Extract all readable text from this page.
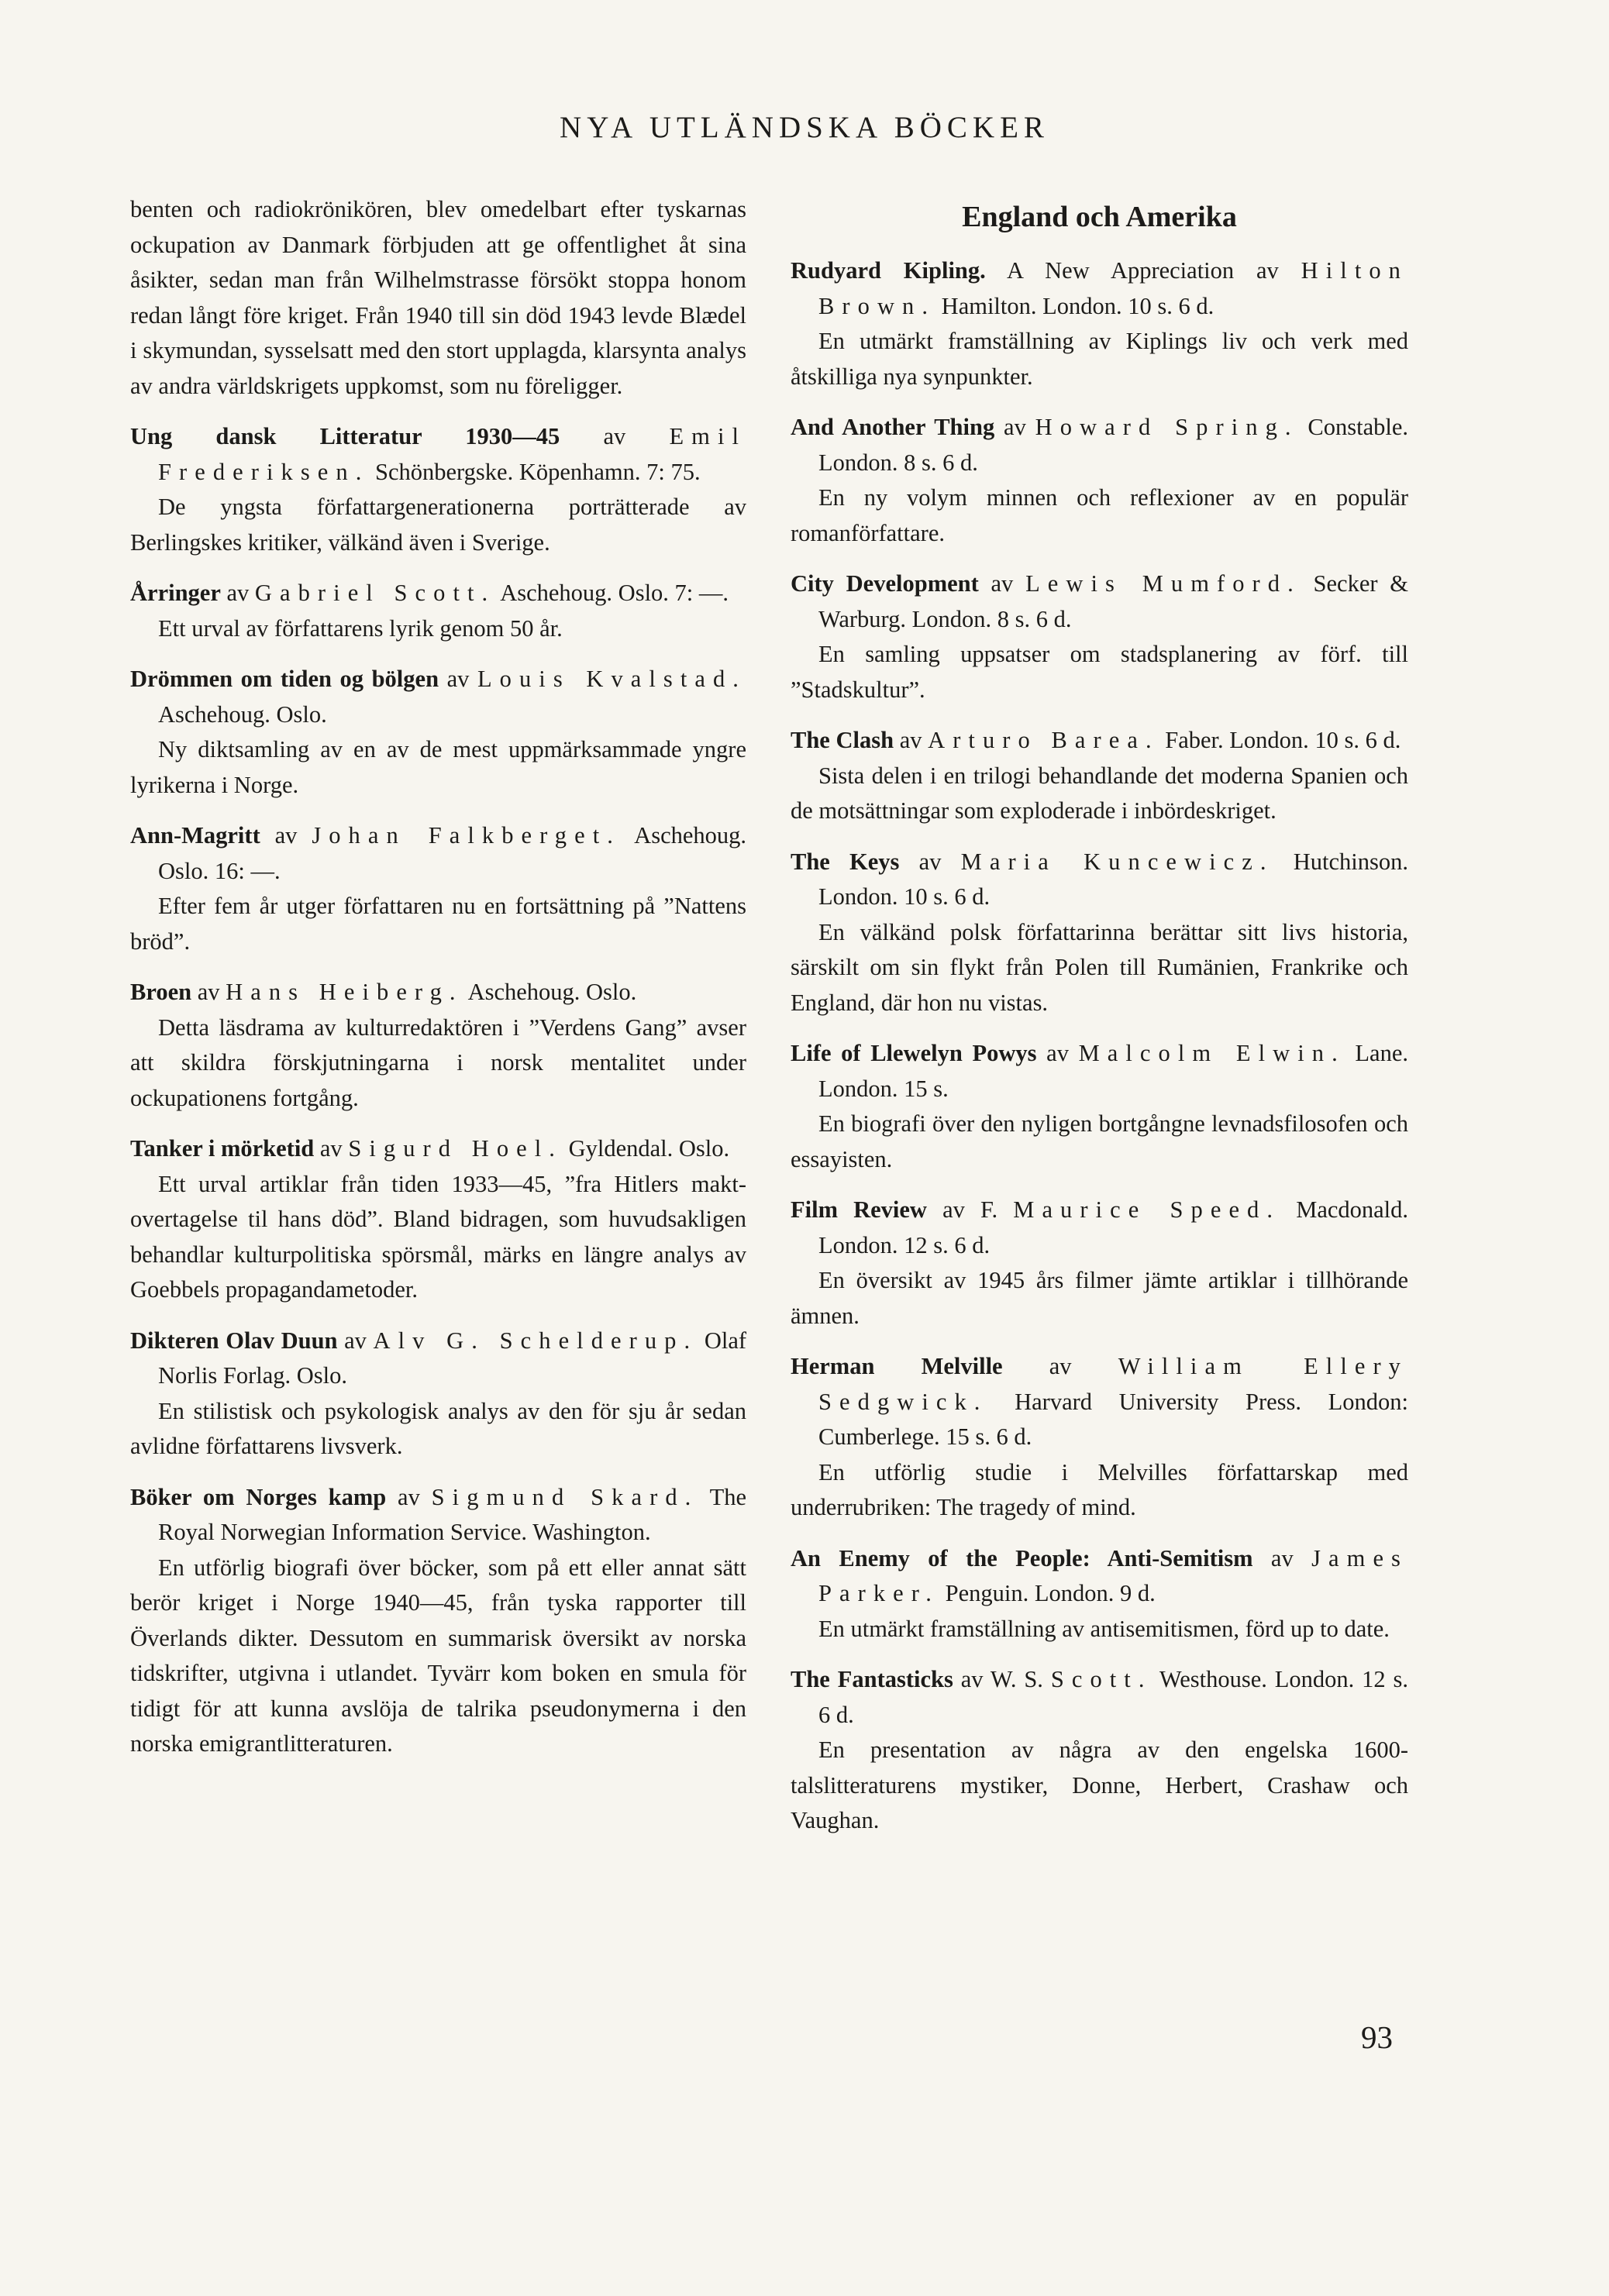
NYA UTLÄNDSKA BÖCKER

benten och radiokrönikören, blev omedelbart efter tyskarnas ockupation av Danmark förbjuden att ge offentlighet åt sina åsikter, sedan man från Wilhelmstrasse försökt stoppa honom redan långt före kriget. Från 1940 till sin död 1943 levde Blædel i skymundan, sysselsatt med den stort upplagda, klarsynta analys av andra världskrigets uppkomst, som nu föreligger.

Ung dansk Litteratur 1930—45 av Emil Frederiksen. Schönbergske. Köpenhamn. 7: 75.

De yngsta författargenerationerna porträtterade av Berlingskes kritiker, välkänd även i Sverige.

Årringer av Gabriel Scott. Aschehoug. Oslo. 7: —.

Ett urval av författarens lyrik genom 50 år.

Drömmen om tiden og bölgen av Louis Kvalstad. Aschehoug. Oslo.

Ny diktsamling av en av de mest uppmärksammade yngre lyrikerna i Norge.

Ann-Magritt av Johan Falkberget. Aschehoug. Oslo. 16: —.

Efter fem år utger författaren nu en fortsättning på ”Nattens bröd”.

Broen av Hans Heiberg. Aschehoug. Oslo.

Detta läsdrama av kulturredaktören i ”Verdens Gang” avser att skildra förskjutningarna i norsk mentalitet under ockupationens fortgång.

Tanker i mörketid av Sigurd Hoel. Gyldendal. Oslo.

Ett urval artiklar från tiden 1933—45, ”fra Hitlers makt-overtagelse til hans död”. Bland bidragen, som huvudsakligen behandlar kulturpolitiska spörsmål, märks en längre analys av Goebbels propagandametoder.

Dikteren Olav Duun av Alv G. Schelderup. Olaf Norlis Forlag. Oslo.

En stilistisk och psykologisk analys av den för sju år sedan avlidne författarens livsverk.

Böker om Norges kamp av Sigmund Skard. The Royal Norwegian Information Service. Washington.

En utförlig biografi över böcker, som på ett eller annat sätt berör kriget i Norge 1940—45, från tyska rapporter till Överlands dikter. Dessutom en summarisk översikt av norska tidskrifter, utgivna i utlandet. Tyvärr kom boken en smula för tidigt för att kunna avslöja de talrika pseudonymerna i den norska emigrantlitteraturen.

England och Amerika

Rudyard Kipling. A New Appreciation av Hilton Brown. Hamilton. London. 10 s. 6 d.

En utmärkt framställning av Kiplings liv och verk med åtskilliga nya synpunkter.

And Another Thing av Howard Spring. Constable. London. 8 s. 6 d.

En ny volym minnen och reflexioner av en populär romanförfattare.

City Development av Lewis Mumford. Secker & Warburg. London. 8 s. 6 d.

En samling uppsatser om stadsplanering av förf. till ”Stadskultur”.

The Clash av Arturo Barea. Faber. London. 10 s. 6 d.

Sista delen i en trilogi behandlande det moderna Spanien och de motsättningar som exploderade i inbördeskriget.

The Keys av Maria Kuncewicz. Hutchinson. London. 10 s. 6 d.

En välkänd polsk författarinna berättar sitt livs historia, särskilt om sin flykt från Polen till Rumänien, Frankrike och England, där hon nu vistas.

Life of Llewelyn Powys av Malcolm Elwin. Lane. London. 15 s.

En biografi över den nyligen bortgångne levnadsfilosofen och essayisten.

Film Review av F. Maurice Speed. Macdonald. London. 12 s. 6 d.

En översikt av 1945 års filmer jämte artiklar i tillhörande ämnen.

Herman Melville av William Ellery Sedgwick. Harvard University Press. London: Cumberlege. 15 s. 6 d.

En utförlig studie i Melvilles författarskap med underrubriken: The tragedy of mind.

An Enemy of the People: Anti-Semitism av James Parker. Penguin. London. 9 d.

En utmärkt framställning av antisemitismen, förd up to date.

The Fantasticks av W. S. Scott. Westhouse. London. 12 s. 6 d.

En presentation av några av den engelska 1600-talslitteraturens mystiker, Donne, Herbert, Crashaw och Vaughan.

93
